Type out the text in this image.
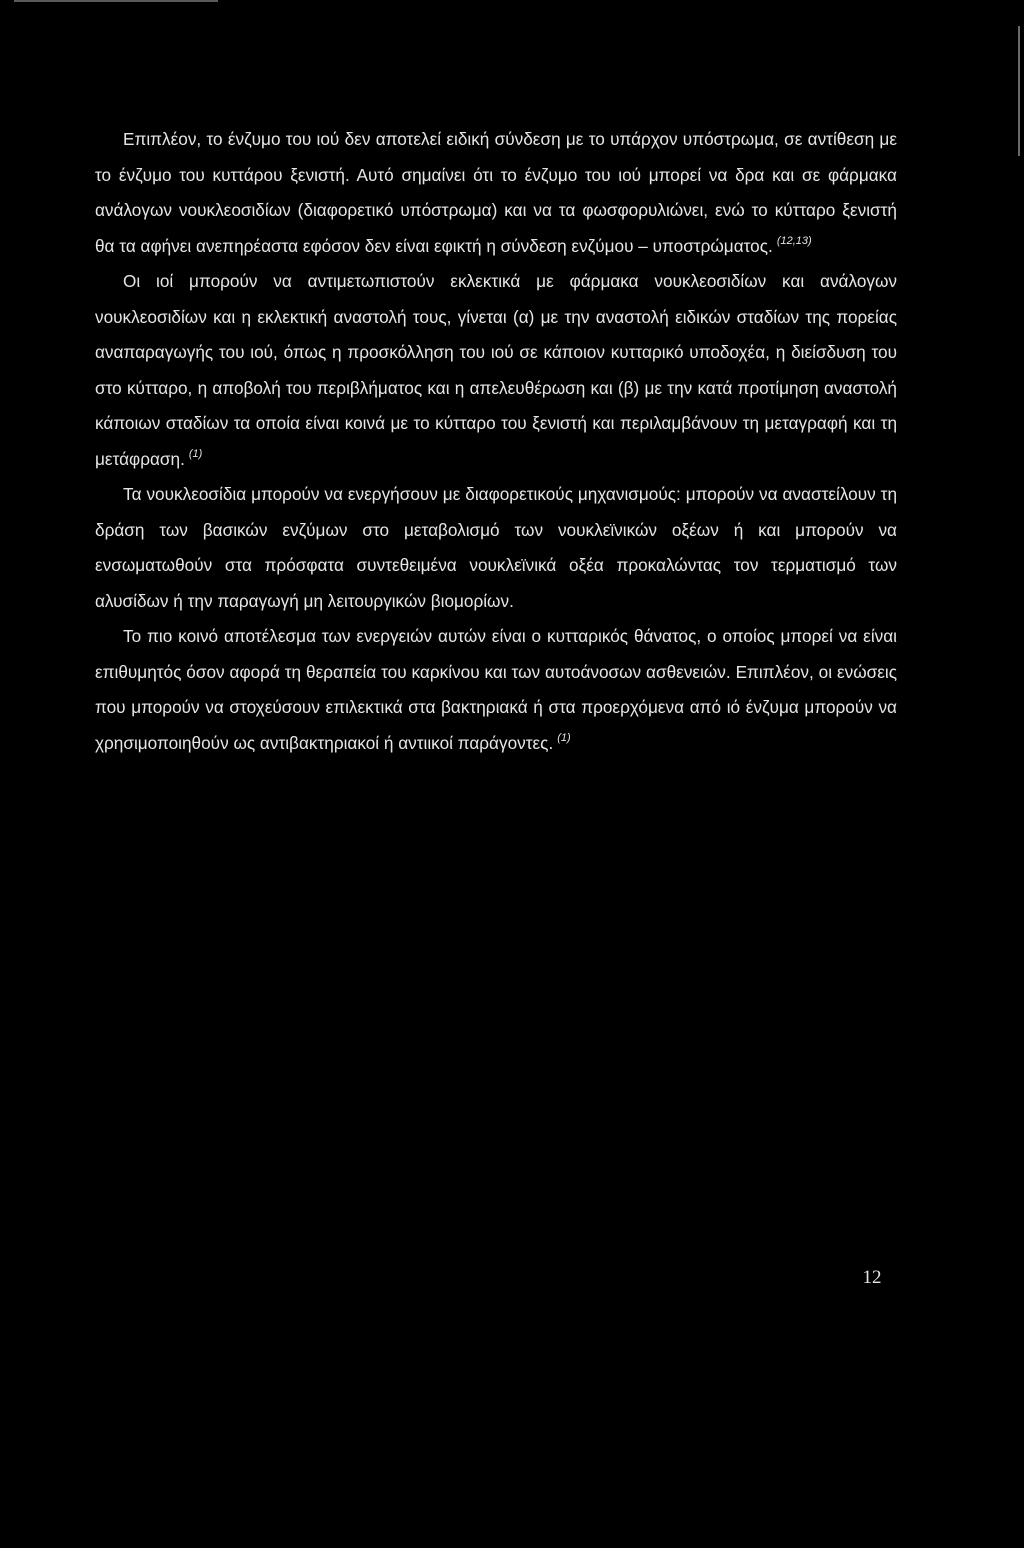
Επιπλέον, το ένζυμο του ιού δεν αποτελεί ειδική σύνδεση με το υπάρχον υπόστρωμα, σε αντίθεση με το ένζυμο του κυττάρου ξενιστή. Αυτό σημαίνει ότι το ένζυμο του ιού μπορεί να δρα και σε φάρμακα ανάλογων νουκλεοσιδίων (διαφορετικό υπόστρωμα) και να τα φωσφορυλιώνει, ενώ το κύτταρο ξενιστή θα τα αφήνει ανεπηρέαστα εφόσον δεν είναι εφικτή η σύνδεση ενζύμου – υποστρώματος. $^{(12,13)}$

Οι ιοί μπορούν να αντιμετωπιστούν εκλεκτικά με φάρμακα νουκλεοσιδίων και ανάλογων νουκλεοσιδίων και η εκλεκτική αναστολή τους, γίνεται (α) με την αναστολή ειδικών σταδίων της πορείας αναπαραγωγής του ιού, όπως η προσκόλληση του ιού σε κάποιον κυτταρικό υποδοχέα, η διείσδυση του στο κύτταρο, η αποβολή του περιβλήματος και η απελευθέρωση και (β) με την κατά προτίμηση αναστολή κάποιων σταδίων τα οποία είναι κοινά με το κύτταρο του ξενιστή και περιλαμβάνουν τη μεταγραφή και τη μετάφραση. $^{(1)}$

Τα νουκλεοσίδια μπορούν να ενεργήσουν με διαφορετικούς μηχανισμούς: μπορούν να αναστείλουν τη δράση των βασικών ενζύμων στο μεταβολισμό των νουκλεϊνικών οξέων ή και μπορούν να ενσωματωθούν στα πρόσφατα συντεθειμένα νουκλεϊνικά οξέα προκαλώντας τον τερματισμό των αλυσίδων ή την παραγωγή μη λειτουργικών βιομορίων.

Το πιο κοινό αποτέλεσμα των ενεργειών αυτών είναι ο κυτταρικός θάνατος, ο οποίος μπορεί να είναι επιθυμητός όσον αφορά τη θεραπεία του καρκίνου και των αυτοάνοσων ασθενειών. Επιπλέον, οι ενώσεις που μπορούν να στοχεύσουν επιλεκτικά στα βακτηριακά ή στα προερχόμενα από ιό ένζυμα μπορούν να χρησιμοποιηθούν ως αντιβακτηριακοί ή αντιικοί παράγοντες. $^{(1)}$

12
